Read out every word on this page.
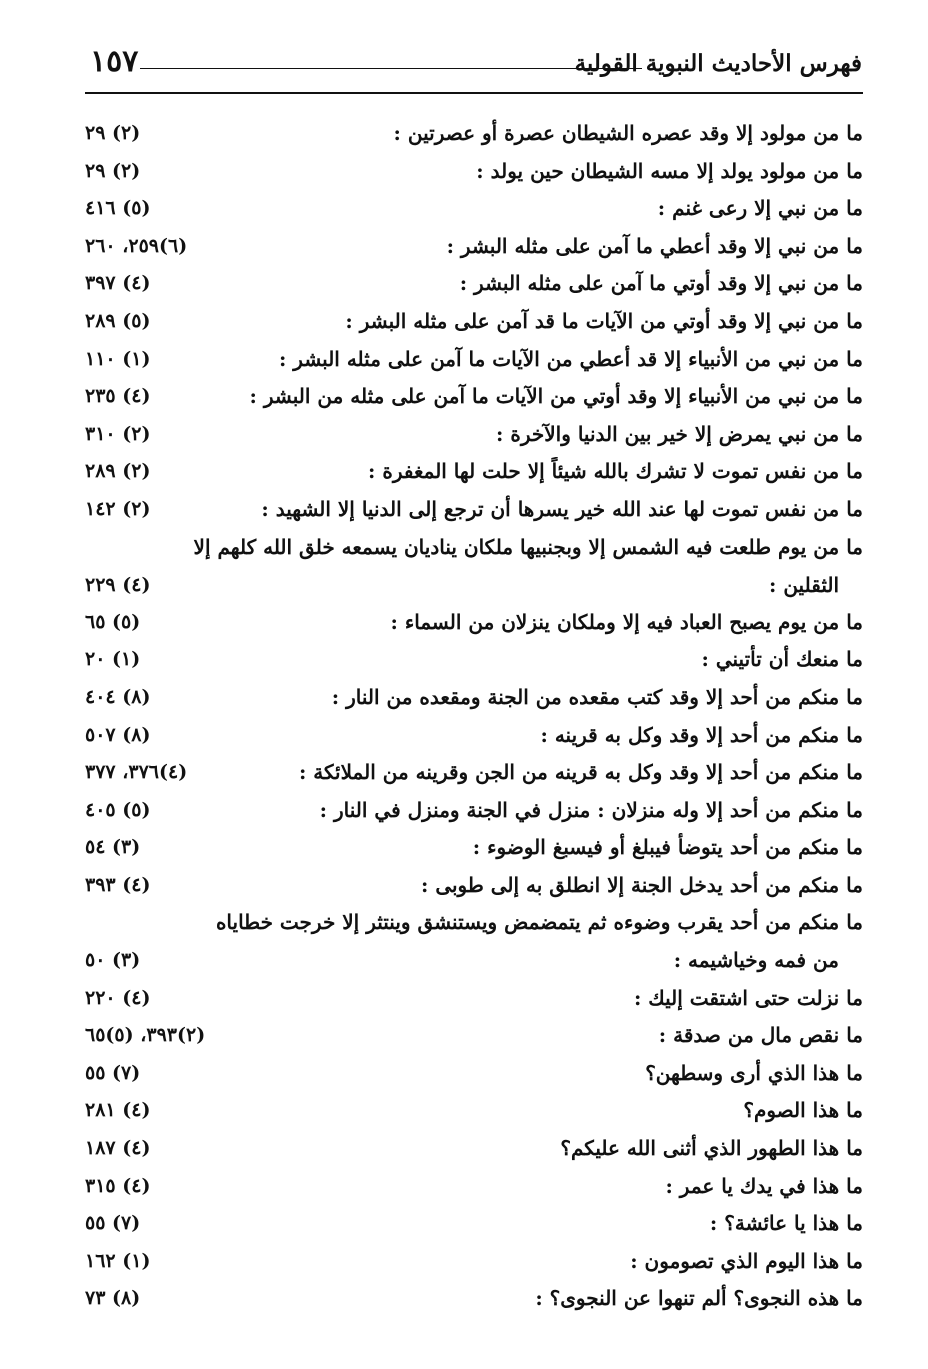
١٥٧	فهرس الأحاديث النبوية القولية
ما من مولود إلا وقد عصره الشيطان عصرة أو عصرتين :
(٢) ٢٩
ما من مولود يولد إلا مسه الشيطان حين يولد :
(٢) ٢٩
ما من نبي إلا رعى غنم :
(٥) ٤١٦
ما من نبي إلا وقد أعطي ما آمن على مثله البشر :
(٦)٢٥٩، ٢٦٠
ما من نبي إلا وقد أوتي ما آمن على مثله البشر :
(٤) ٣٩٧
ما من نبي إلا وقد أوتي من الآيات ما قد آمن على مثله البشر :
(٥) ٢٨٩
ما من نبي من الأنبياء إلا قد أعطي من الآيات ما آمن على مثله البشر :
(١) ١١٠
ما من نبي من الأنبياء إلا وقد أوتي من الآيات ما آمن على مثله من البشر :
(٤) ٢٣٥
ما من نبي يمرض إلا خير بين الدنيا والآخرة :
(٢) ٣١٠
ما من نفس تموت لا تشرك بالله شيئاً إلا حلت لها المغفرة :
(٢) ٢٨٩
ما من نفس تموت لها عند الله خير يسرها أن ترجع إلى الدنيا إلا الشهيد :
(٢) ١٤٢
ما من يوم طلعت فيه الشمس إلا وبجنبيها ملكان يناديان يسمعه خلق الله كلهم إلا
الثقلين :
(٤) ٢٢٩
ما من يوم يصبح العباد فيه إلا وملكان ينزلان من السماء :
(٥) ٦٥
ما منعك أن تأتيني :
(١) ٢٠
ما منكم من أحد إلا وقد كتب مقعده من الجنة ومقعده من النار :
(٨) ٤٠٤
ما منكم من أحد إلا وقد وكل به قرينه :
(٨) ٥٠٧
ما منكم من أحد إلا وقد وكل به قرينه من الجن وقرينه من الملائكة :
(٤)٣٧٦، ٣٧٧
ما منكم من أحد إلا وله منزلان : منزل في الجنة ومنزل في النار :
(٥) ٤٠٥
ما منكم من أحد يتوضأ فيبلغ أو فيسبغ الوضوء :
(٣) ٥٤
ما منكم من أحد يدخل الجنة إلا انطلق به إلى طوبى :
(٤) ٣٩٣
ما منكم من أحد يقرب وضوءه ثم يتمضمض ويستنشق وينتثر إلا خرجت خطاياه
من فمه وخياشيمه :
(٣) ٥٠
ما نزلت حتى اشتقت إليك :
(٤) ٢٢٠
ما نقص مال من صدقة :
(٢)٣٩٣، (٥)٦٥
ما هذا الذي أرى وسطهن؟
(٧) ٥٥
ما هذا الصوم؟
(٤) ٢٨١
ما هذا الطهور الذي أثنى الله عليكم؟
(٤) ١٨٧
ما هذا في يدك يا عمر :
(٤) ٣١٥
ما هذا يا عائشة؟ :
(٧) ٥٥
ما هذا اليوم الذي تصومون :
(١) ١٦٢
ما هذه النجوى؟ ألم تنهوا عن النجوى؟ :
(٨) ٧٣
